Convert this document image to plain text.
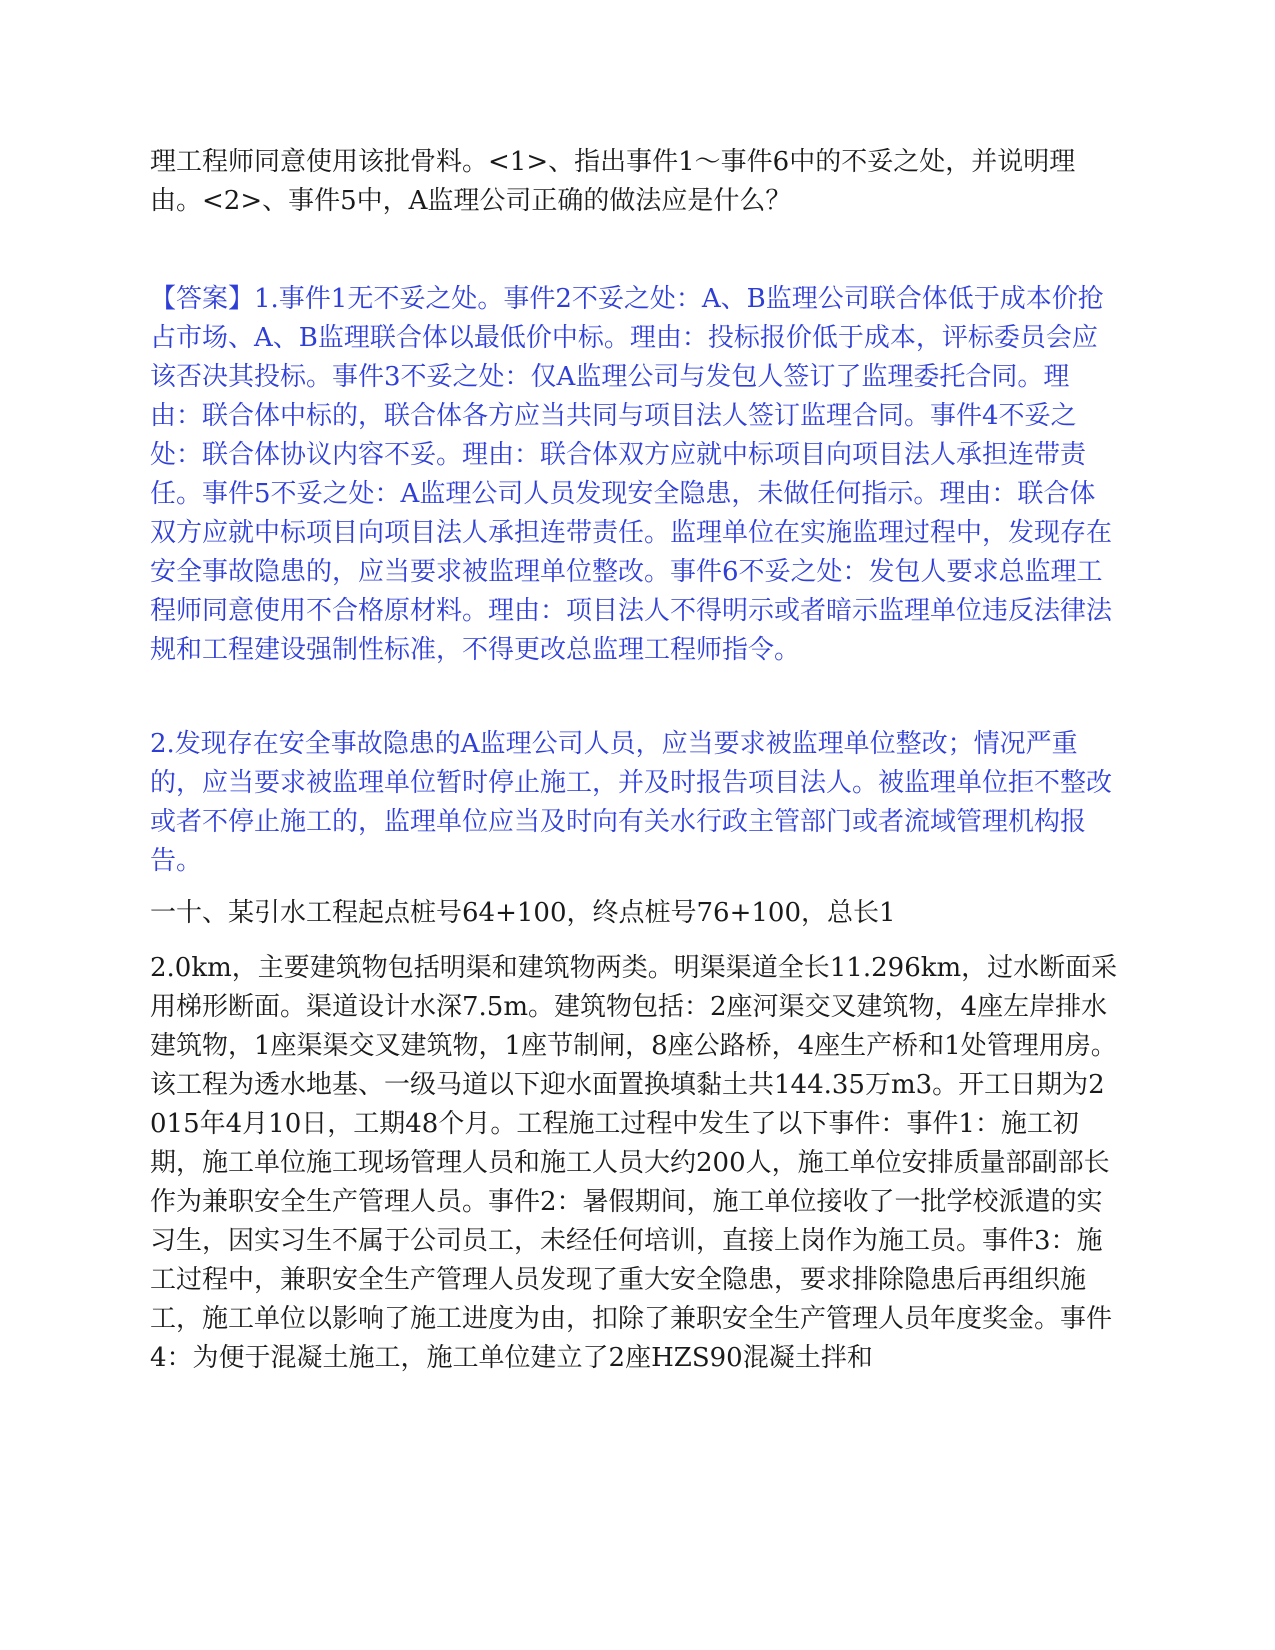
理工程师同意使用该批骨料。<1>、指出事件1～事件6中的不妥之处，并说明理由。<2>、事件5中，A监理公司正确的做法应是什么？

【答案】1.事件1无不妥之处。事件2不妥之处：A、B监理公司联合体低于成本价抢占市场、A、B监理联合体以最低价中标。理由：投标报价低于成本，评标委员会应该否决其投标。事件3不妥之处：仅A监理公司与发包人签订了监理委托合同。理由：联合体中标的，联合体各方应当共同与项目法人签订监理合同。事件4不妥之处：联合体协议内容不妥。理由：联合体双方应就中标项目向项目法人承担连带责任。事件5不妥之处：A监理公司人员发现安全隐患，未做任何指示。理由：联合体双方应就中标项目向项目法人承担连带责任。监理单位在实施监理过程中，发现存在安全事故隐患的，应当要求被监理单位整改。事件6不妥之处：发包人要求总监理工程师同意使用不合格原材料。理由：项目法人不得明示或者暗示监理单位违反法律法规和工程建设强制性标准，不得更改总监理工程师指令。

2.发现存在安全事故隐患的A监理公司人员，应当要求被监理单位整改；情况严重的，应当要求被监理单位暂时停止施工，并及时报告项目法人。被监理单位拒不整改或者不停止施工的，监理单位应当及时向有关水行政主管部门或者流域管理机构报告。

一十、某引水工程起点桩号64+100，终点桩号76+100，总长1

2.0km，主要建筑物包括明渠和建筑物两类。明渠渠道全长11.296km，过水断面采用梯形断面。渠道设计水深7.5m。建筑物包括：2座河渠交叉建筑物，4座左岸排水建筑物，1座渠渠交叉建筑物，1座节制闸，8座公路桥，4座生产桥和1处管理用房。该工程为透水地基、一级马道以下迎水面置换填黏土共144.35万m3。开工日期为2015年4月10日，工期48个月。工程施工过程中发生了以下事件：事件1：施工初期，施工单位施工现场管理人员和施工人员大约200人，施工单位安排质量部副部长作为兼职安全生产管理人员。事件2：暑假期间，施工单位接收了一批学校派遣的实习生，因实习生不属于公司员工，未经任何培训，直接上岗作为施工员。事件3：施工过程中，兼职安全生产管理人员发现了重大安全隐患，要求排除隐患后再组织施工，施工单位以影响了施工进度为由，扣除了兼职安全生产管理人员年度奖金。事件4：为便于混凝土施工，施工单位建立了2座HZS90混凝土拌和
